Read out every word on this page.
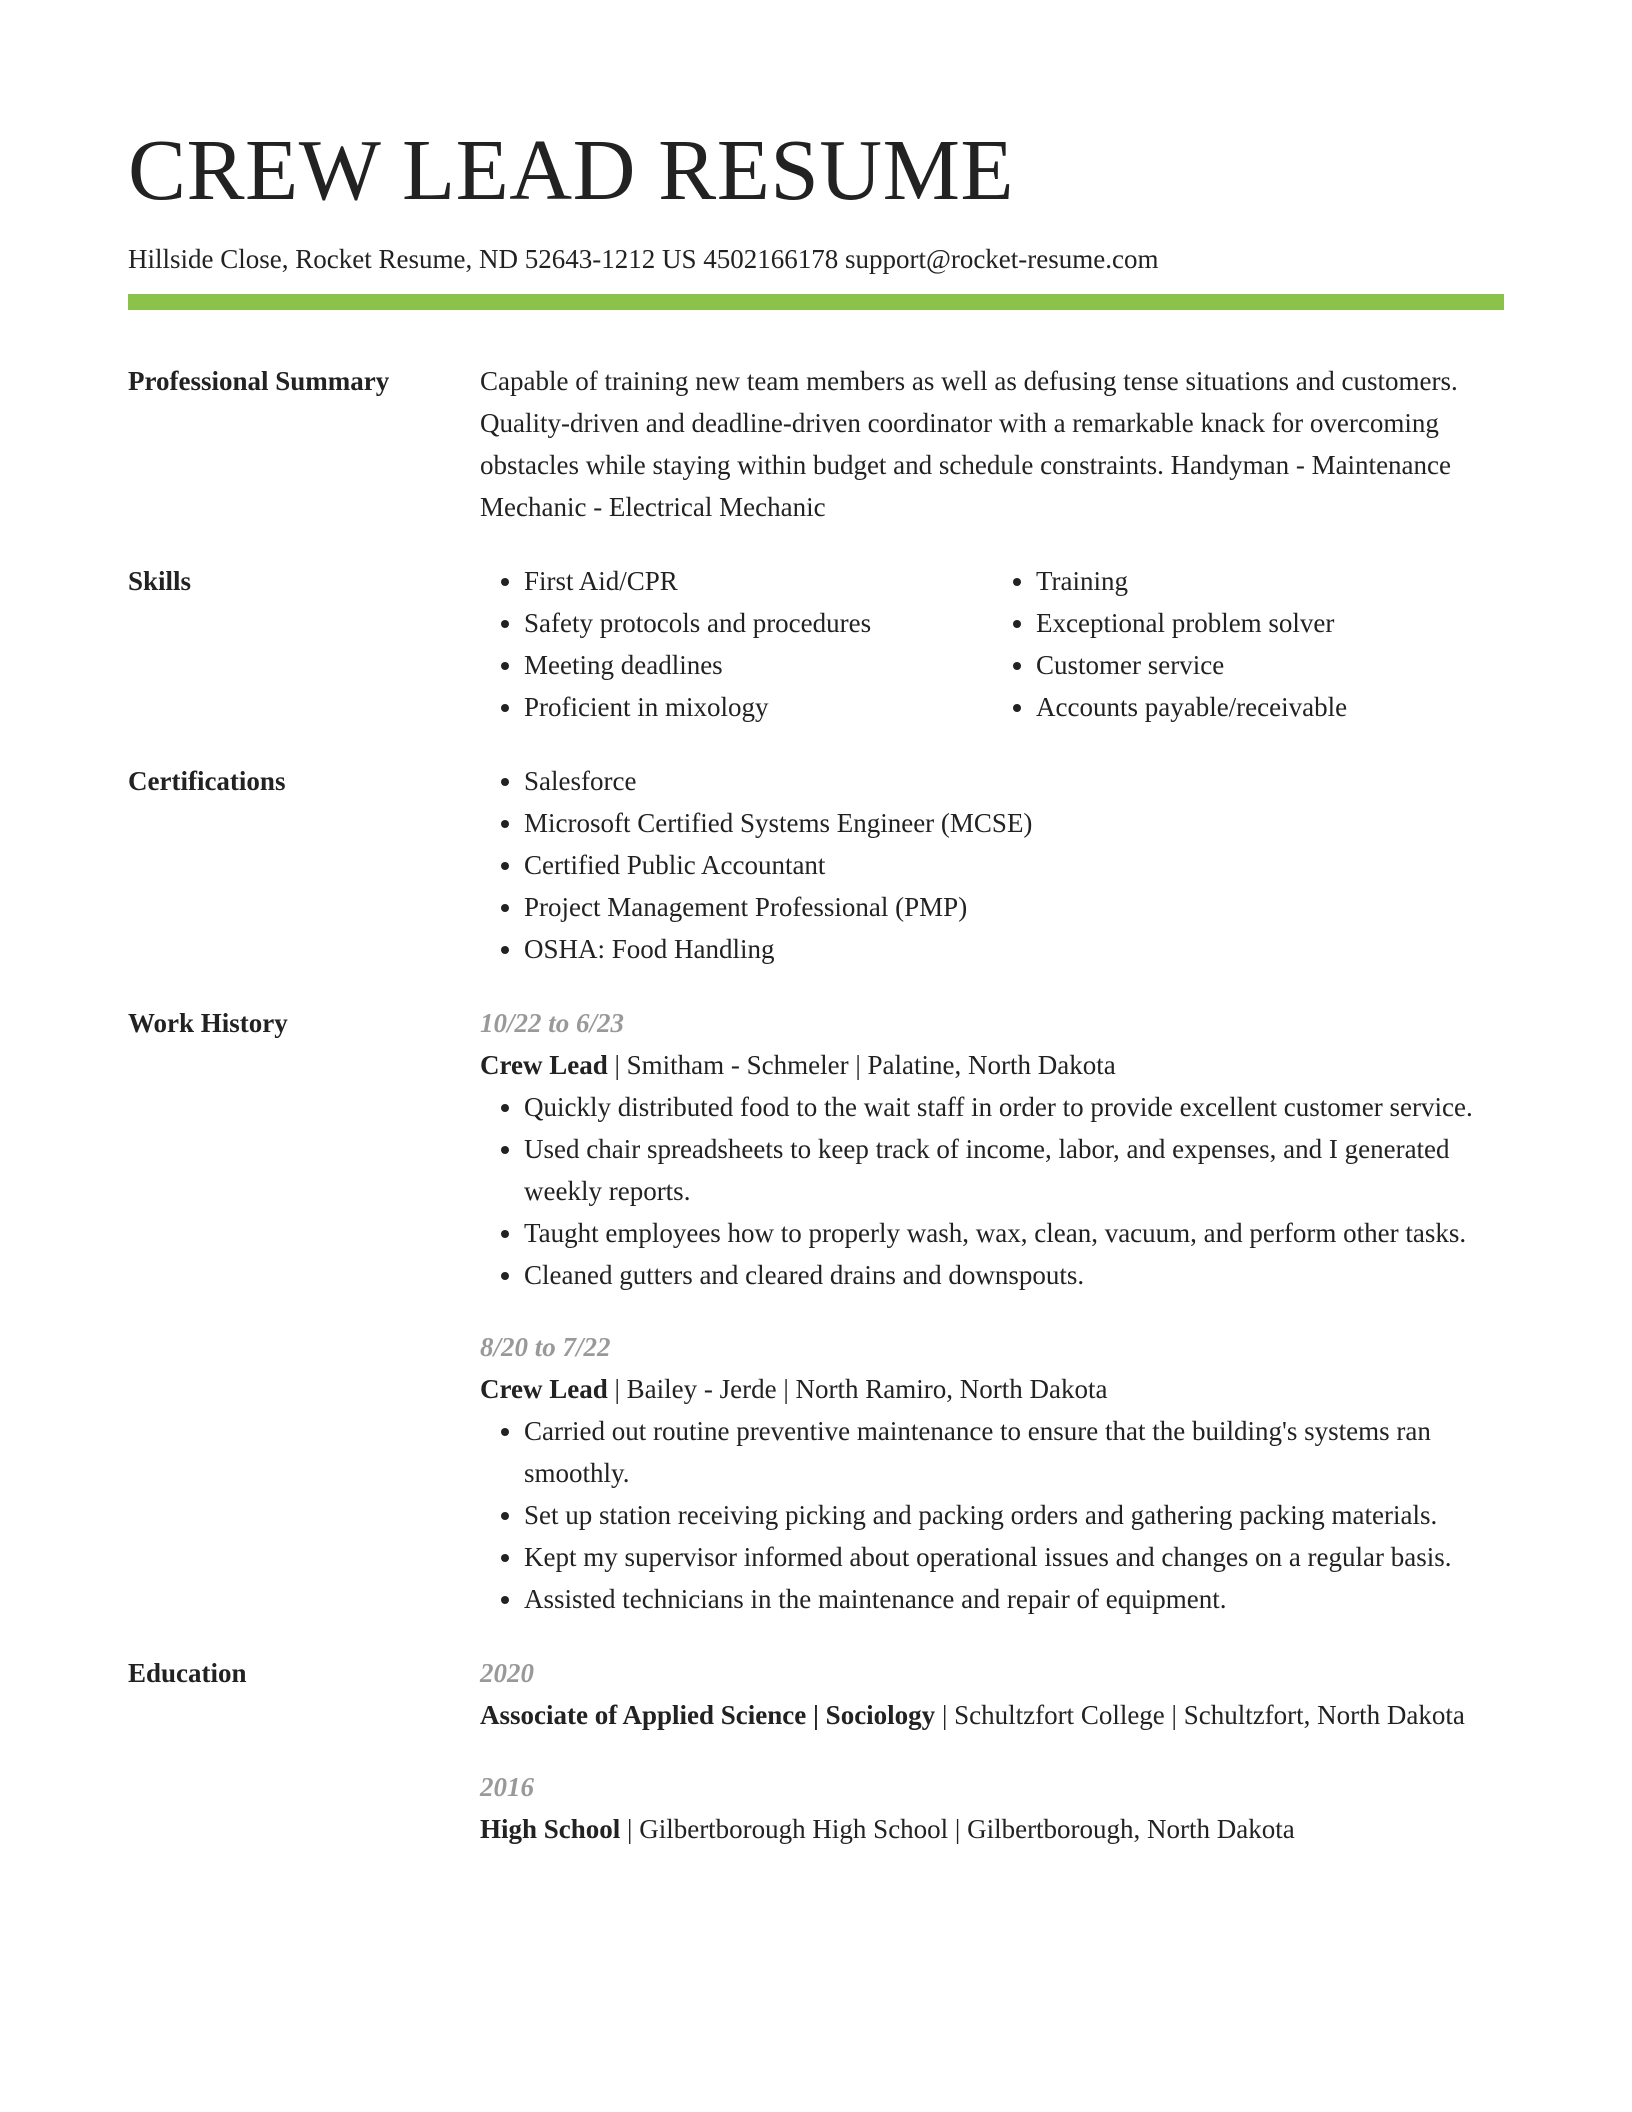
CREW LEAD RESUME
Hillside Close, Rocket Resume, ND 52643-1212 US 4502166178 support@rocket-resume.com
Professional Summary	Capable of training new team members as well as defusing tense situations and customers. Quality-driven and deadline-driven coordinator with a remarkable knack for overcoming obstacles while staying within budget and schedule constraints. Handyman - Maintenance Mechanic - Electrical Mechanic
Skills	• First Aid/CPR
• Safety protocols and procedures
• Meeting deadlines
• Proficient in mixology
• Training
• Exceptional problem solver
• Customer service
• Accounts payable/receivable
Certifications	• Salesforce
• Microsoft Certified Systems Engineer (MCSE)
• Certified Public Accountant
• Project Management Professional (PMP)
• OSHA: Food Handling
Work History	10/22 to 6/23
Crew Lead | Smitham - Schmeler | Palatine, North Dakota
• Quickly distributed food to the wait staff in order to provide excellent customer service.
• Used chair spreadsheets to keep track of income, labor, and expenses, and I generated weekly reports.
• Taught employees how to properly wash, wax, clean, vacuum, and perform other tasks.
• Cleaned gutters and cleared drains and downspouts.
8/20 to 7/22
Crew Lead | Bailey - Jerde | North Ramiro, North Dakota
• Carried out routine preventive maintenance to ensure that the building's systems ran smoothly.
• Set up station receiving picking and packing orders and gathering packing materials.
• Kept my supervisor informed about operational issues and changes on a regular basis.
• Assisted technicians in the maintenance and repair of equipment.
Education	2020
Associate of Applied Science | Sociology | Schultzfort College | Schultzfort, North Dakota
2016
High School | Gilbertborough High School | Gilbertborough, North Dakota
